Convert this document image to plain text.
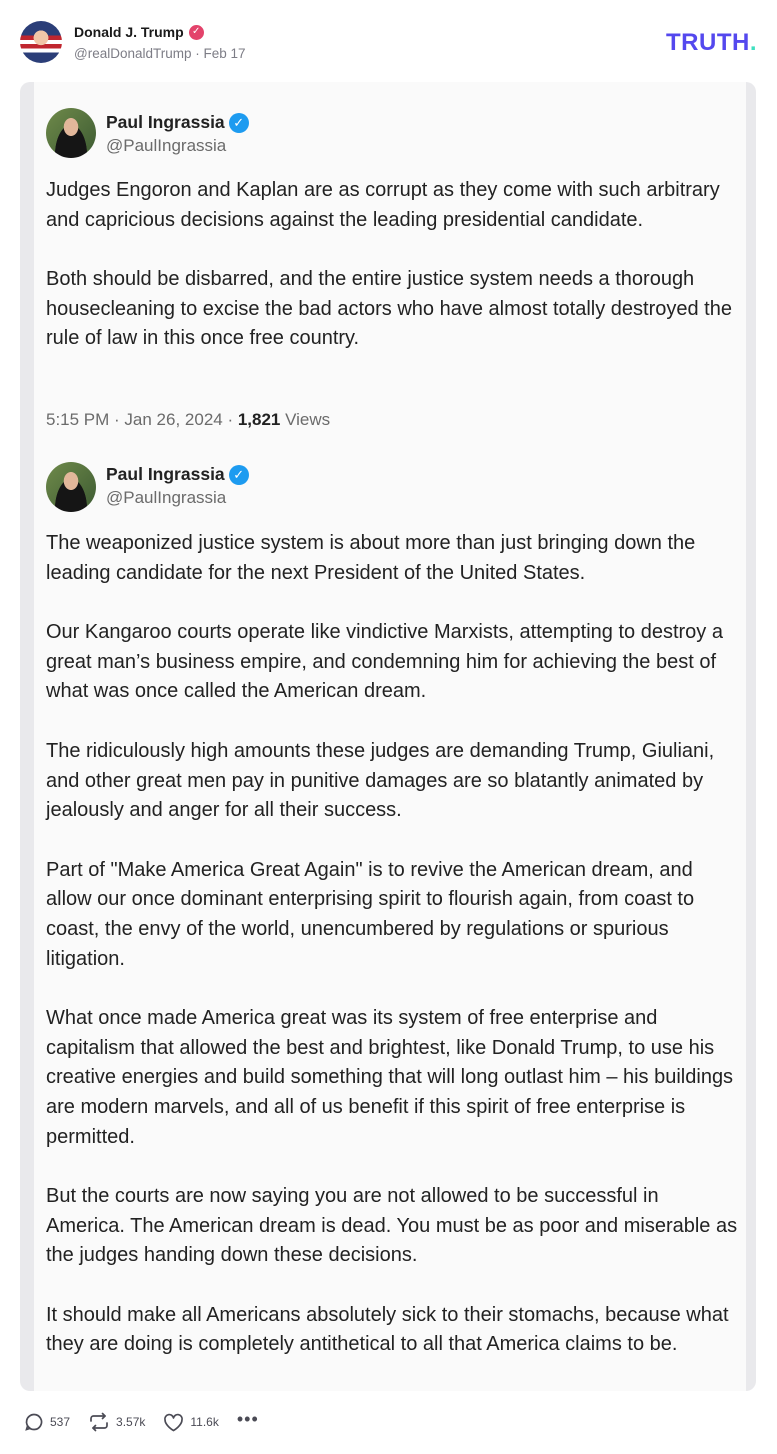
Donald J. Trump ✓
@realDonaldTrump · Feb 17	TRUTH.
Paul Ingrassia ✓
@PaulIngrassia

Judges Engoron and Kaplan are as corrupt as they come with such arbitrary and capricious decisions against the leading presidential candidate.

Both should be disbarred, and the entire justice system needs a thorough housecleaning to excise the bad actors who have almost totally destroyed the rule of law in this once free country.

5:15 PM · Jan 26, 2024 · 1,821 Views
Paul Ingrassia ✓
@PaulIngrassia

The weaponized justice system is about more than just bringing down the leading candidate for the next President of the United States.

Our Kangaroo courts operate like vindictive Marxists, attempting to destroy a great man’s business empire, and condemning him for achieving the best of what was once called the American dream.

The ridiculously high amounts these judges are demanding Trump, Giuliani, and other great men pay in punitive damages are so blatantly animated by jealously and anger for all their success.

Part of "Make America Great Again" is to revive the American dream, and allow our once dominant enterprising spirit to flourish again, from coast to coast, the envy of the world, unencumbered by regulations or spurious litigation.

What once made America great was its system of free enterprise and capitalism that allowed the best and brightest, like Donald Trump, to use his creative energies and build something that will long outlast him – his buildings are modern marvels, and all of us benefit if this spirit of free enterprise is permitted.

But the courts are now saying you are not allowed to be successful in America. The American dream is dead. You must be as poor and miserable as the judges handing down these decisions.

It should make all Americans absolutely sick to their stomachs, because what they are doing is completely antithetical to all that America claims to be.

537	3.57k	11.6k •••
